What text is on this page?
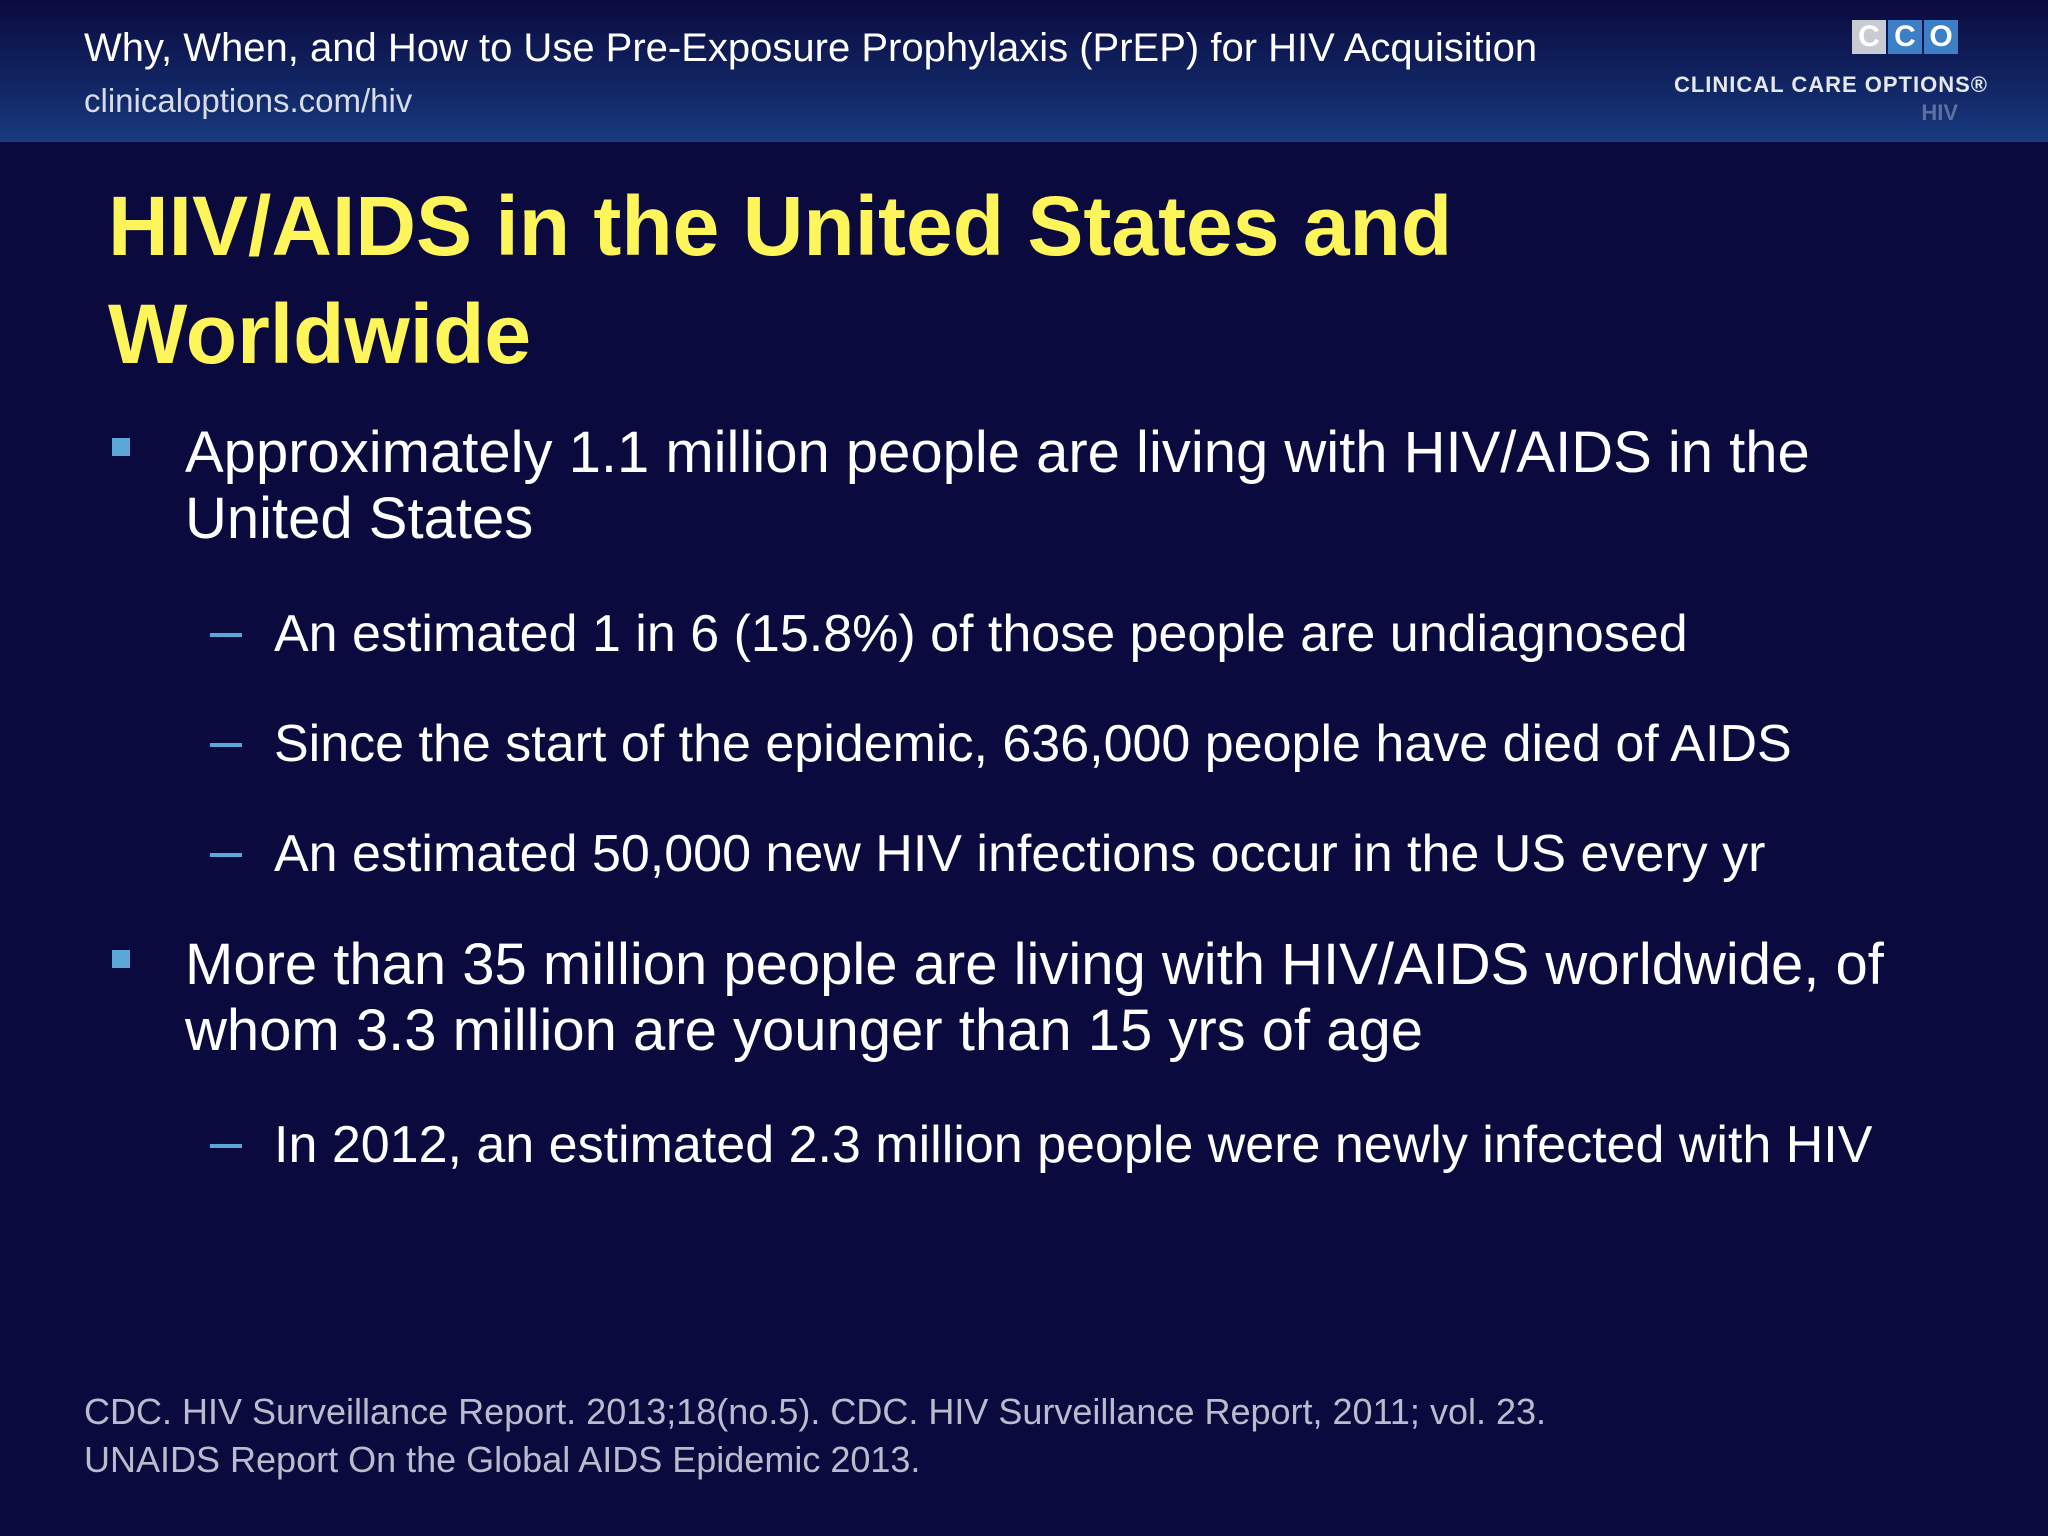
Why, When, and How to Use Pre-Exposure Prophylaxis (PrEP) for HIV Acquisition
clinicaloptions.com/hiv
C C O
CLINICAL CARE OPTIONS®
HIV
HIV/AIDS in the United States and Worldwide
Approximately 1.1 million people are living with HIV/AIDS in the United States
An estimated 1 in 6 (15.8%) of those people are undiagnosed
Since the start of the epidemic, 636,000 people have died of AIDS
An estimated 50,000 new HIV infections occur in the US every yr
More than 35 million people are living with HIV/AIDS worldwide, of whom 3.3 million are younger than 15 yrs of age
In 2012, an estimated 2.3 million people were newly infected with HIV
CDC. HIV Surveillance Report. 2013;18(no.5). CDC. HIV Surveillance Report, 2011; vol. 23.
UNAIDS Report On the Global AIDS Epidemic 2013.
